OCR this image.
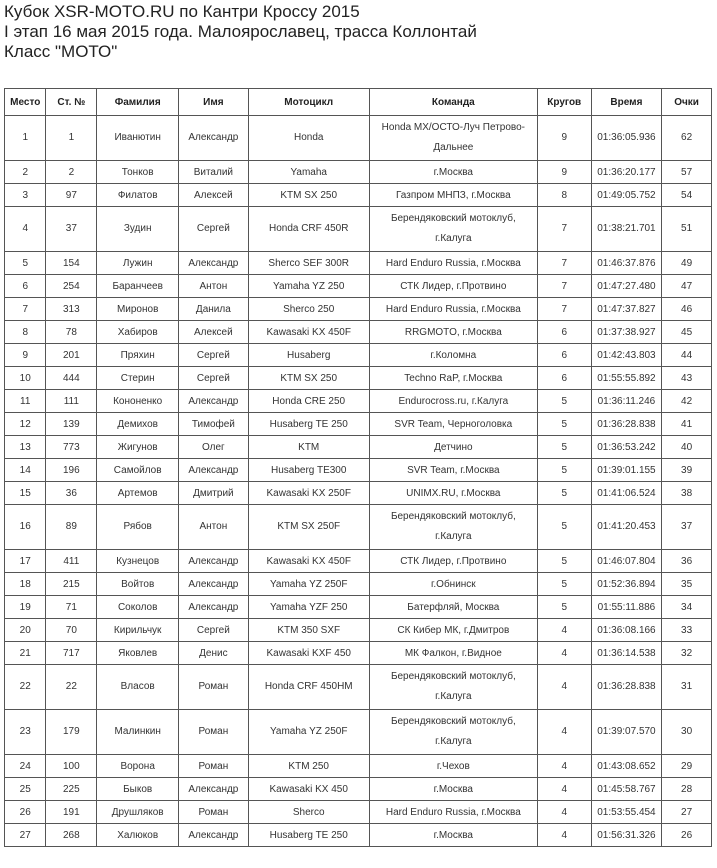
Кубок XSR-MOTO.RU по Кантри Кроссу 2015
I этап 16 мая 2015 года. Малоярославец, трасса Коллонтай
Класс "МОТО"
Место	Ст. №	Фамилия	Имя	Мотоцикл	Команда	Кругов	Время	Очки
1	1	Иванютин	Александр	Honda	Honda MX/ОСТО-Луч Петрово-Дальнее	9	01:36:05.936	62
2	2	Тонков	Виталий	Yamaha	г.Москва	9	01:36:20.177	57
3	97	Филатов	Алексей	KTM SX 250	Газпром МНПЗ, г.Москва	8	01:49:05.752	54
4	37	Зудин	Сергей	Honda CRF 450R	Берендяковский мотоклуб, г.Калуга	7	01:38:21.701	51
5	154	Лужин	Александр	Sherco SEF 300R	Hard Enduro Russia, г.Москва	7	01:46:37.876	49
6	254	Баранчеев	Антон	Yamaha YZ 250	СТК Лидер, г.Протвино	7	01:47:27.480	47
7	313	Миронов	Данила	Sherco 250	Hard Enduro Russia, г.Москва	7	01:47:37.827	46
8	78	Хабиров	Алексей	Kawasaki KX 450F	RRGMOTO, г.Москва	6	01:37:38.927	45
9	201	Пряхин	Сергей	Husaberg	г.Коломна	6	01:42:43.803	44
10	444	Стерин	Сергей	KTM SX 250	Techno RaP, г.Москва	6	01:55:55.892	43
11	111	Кононенко	Александр	Honda CRE 250	Endurocross.ru, г.Калуга	5	01:36:11.246	42
12	139	Демихов	Тимофей	Husaberg TE 250	SVR Team, Черноголовка	5	01:36:28.838	41
13	773	Жигунов	Олег	KTM	Детчино	5	01:36:53.242	40
14	196	Самойлов	Александр	Husaberg TE300	SVR Team, г.Москва	5	01:39:01.155	39
15	36	Артемов	Дмитрий	Kawasaki KX 250F	UNIMX.RU, г.Москва	5	01:41:06.524	38
16	89	Рябов	Антон	KTM SX 250F	Берендяковский мотоклуб, г.Калуга	5	01:41:20.453	37
17	411	Кузнецов	Александр	Kawasaki KX 450F	СТК Лидер, г.Протвино	5	01:46:07.804	36
18	215	Войтов	Александр	Yamaha YZ 250F	г.Обнинск	5	01:52:36.894	35
19	71	Соколов	Александр	Yamaha YZF 250	Батерфляй, Москва	5	01:55:11.886	34
20	70	Кирильчук	Сергей	KTM 350 SXF	СК Кибер МК, г.Дмитров	4	01:36:08.166	33
21	717	Яковлев	Денис	Kawasaki KXF 450	МК Фалкон, г.Видное	4	01:36:14.538	32
22	22	Власов	Роман	Honda CRF 450HM	Берендяковский мотоклуб, г.Калуга	4	01:36:28.838	31
23	179	Малинкин	Роман	Yamaha YZ 250F	Берендяковский мотоклуб, г.Калуга	4	01:39:07.570	30
24	100	Ворона	Роман	KTM 250	г.Чехов	4	01:43:08.652	29
25	225	Быков	Александр	Kawasaki KX 450	г.Москва	4	01:45:58.767	28
26	191	Друшляков	Роман	Sherco	Hard Enduro Russia, г.Москва	4	01:53:55.454	27
27	268	Халюков	Александр	Husaberg TE 250	г.Москва	4	01:56:31.326	26
